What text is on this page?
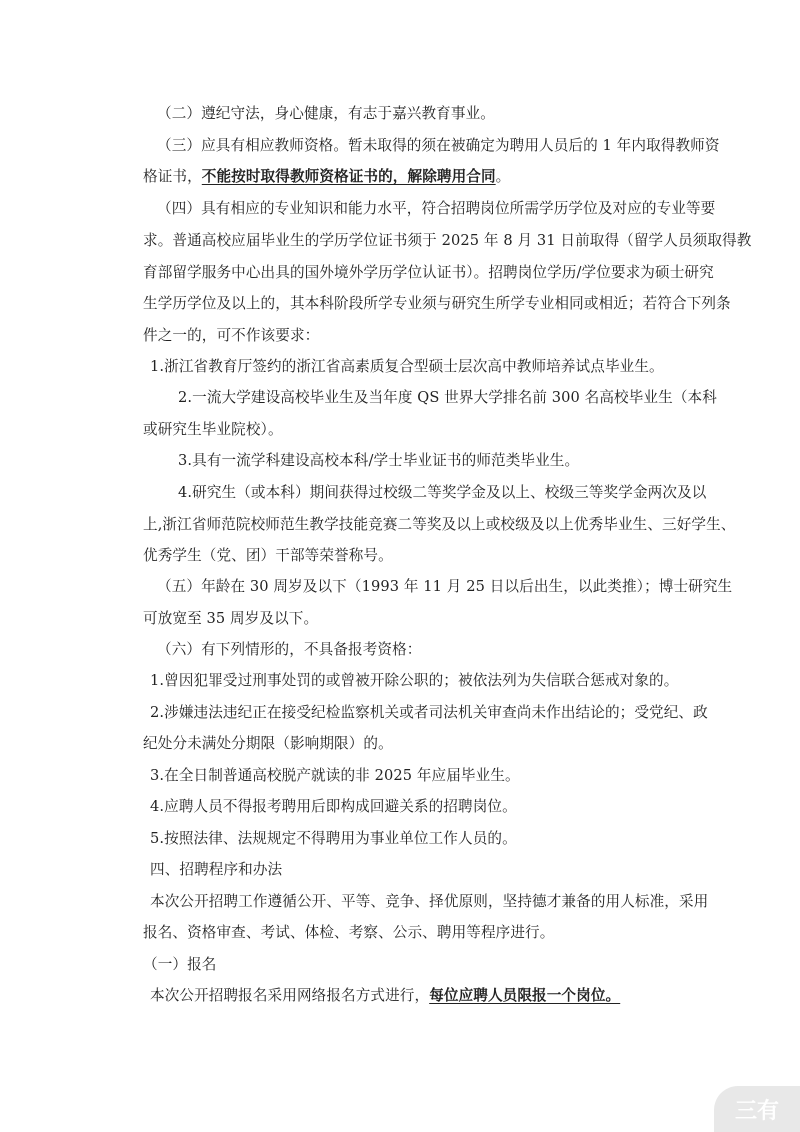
（二）遵纪守法，身心健康，有志于嘉兴教育事业。
（三）应具有相应教师资格。暂未取得的须在被确定为聘用人员后的 1 年内取得教师资
格证书，不能按时取得教师资格证书的，解除聘用合同。
（四）具有相应的专业知识和能力水平，符合招聘岗位所需学历学位及对应的专业等要
求。普通高校应届毕业生的学历学位证书须于 2025 年 8 月 31 日前取得（留学人员须取得教
育部留学服务中心出具的国外境外学历学位认证书）。招聘岗位学历/学位要求为硕士研究
生学历学位及以上的，其本科阶段所学专业须与研究生所学专业相同或相近；若符合下列条
件之一的，可不作该要求：
1.浙江省教育厅签约的浙江省高素质复合型硕士层次高中教师培养试点毕业生。
2.一流大学建设高校毕业生及当年度 QS 世界大学排名前 300 名高校毕业生（本科
或研究生毕业院校）。
3.具有一流学科建设高校本科/学士毕业证书的师范类毕业生。
4.研究生（或本科）期间获得过校级二等奖学金及以上、校级三等奖学金两次及以
上,浙江省师范院校师范生教学技能竞赛二等奖及以上或校级及以上优秀毕业生、三好学生、
优秀学生（党、团）干部等荣誉称号。
（五）年龄在 30 周岁及以下（1993 年 11 月 25 日以后出生，以此类推）；博士研究生
可放宽至 35 周岁及以下。
（六）有下列情形的，不具备报考资格：
1.曾因犯罪受过刑事处罚的或曾被开除公职的；被依法列为失信联合惩戒对象的。
2.涉嫌违法违纪正在接受纪检监察机关或者司法机关审查尚未作出结论的；受党纪、政
纪处分未满处分期限（影响期限）的。
3.在全日制普通高校脱产就读的非 2025 年应届毕业生。
4.应聘人员不得报考聘用后即构成回避关系的招聘岗位。
5.按照法律、法规规定不得聘用为事业单位工作人员的。
四、招聘程序和办法
本次公开招聘工作遵循公开、平等、竞争、择优原则，坚持德才兼备的用人标准，采用
报名、资格审查、考试、体检、考察、公示、聘用等程序进行。
（一）报名
本次公开招聘报名采用网络报名方式进行，每位应聘人员限报一个岗位。
三有
